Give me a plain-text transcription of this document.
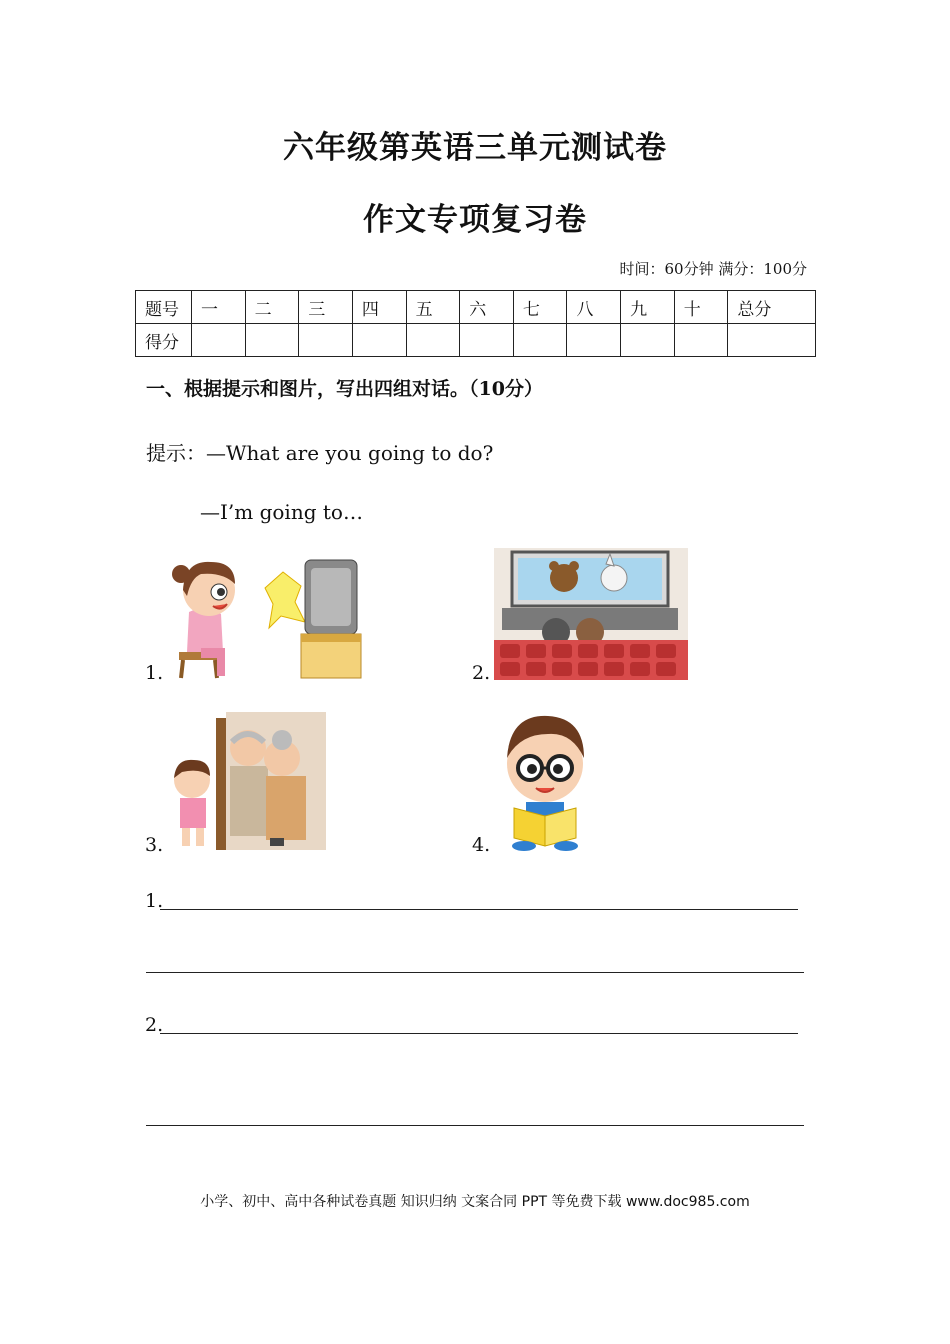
六年级第英语三单元测试卷
作文专项复习卷
时间：60分钟 满分：100分
题号	一	二	三	四	五	六	七	八	九	十	总分
得分											
一、根据提示和图片，写出四组对话。（10分）
提示：—What are you going to do?
—I’m going to…
1.	2.
3.	4.
1.
2.
小学、初中、高中各种试卷真题 知识归纳 文案合同 PPT 等免费下载 www.doc985.com
